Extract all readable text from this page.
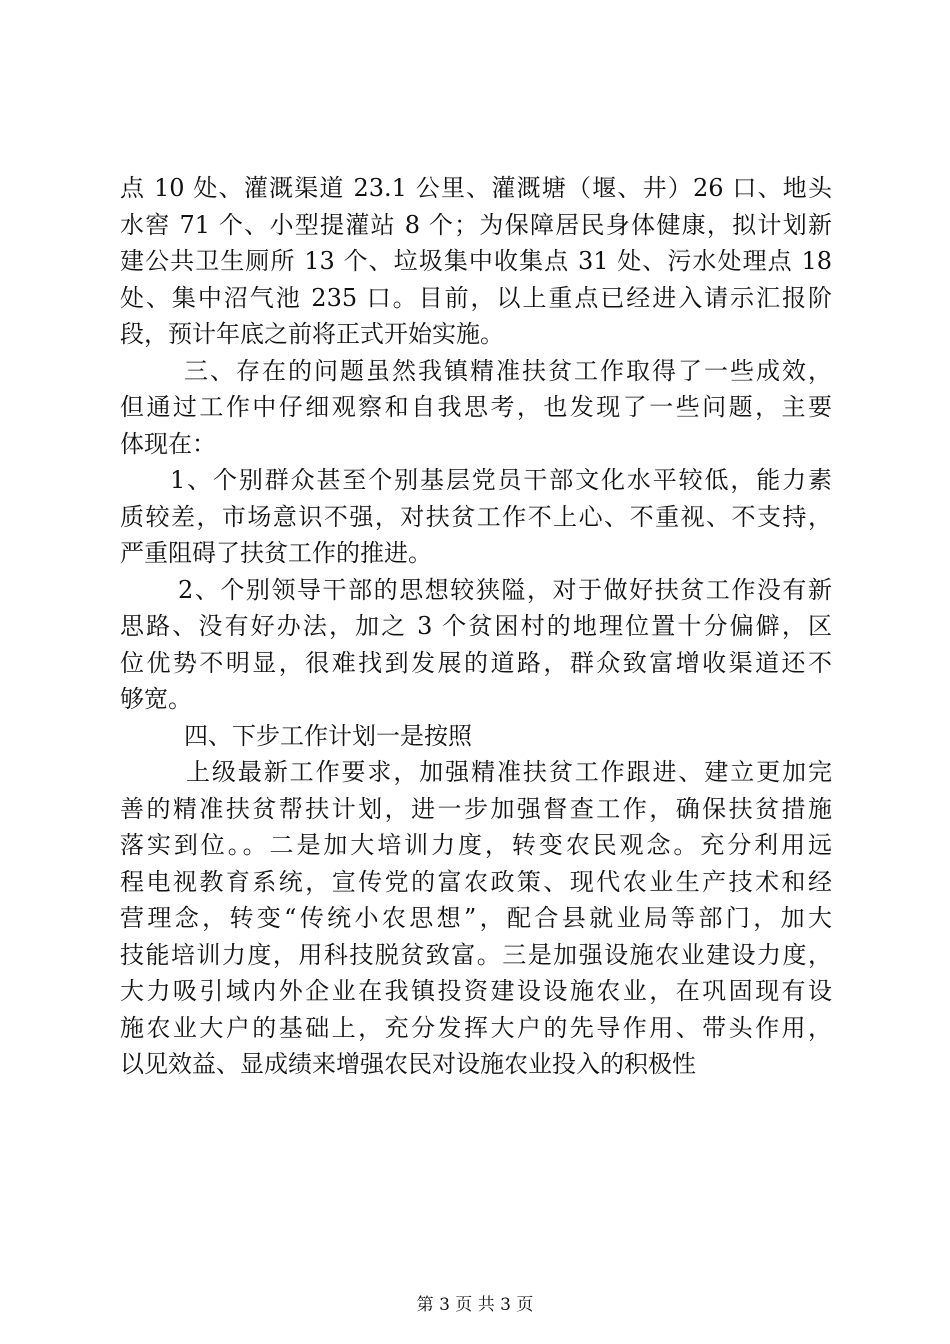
点 10 处、灌溉渠道 23.1 公里、灌溉塘（堰、井）26 口、地头
水窖 71 个、小型提灌站 8 个；为保障居民身体健康，拟计划新
建公共卫生厕所 13 个、垃圾集中收集点 31 处、污水处理点 18
处、集中沼气池 235 口。目前，以上重点已经进入请示汇报阶
段，预计年底之前将正式开始实施。
三、存在的问题虽然我镇精准扶贫工作取得了一些成效，
但通过工作中仔细观察和自我思考，也发现了一些问题，主要
体现在：
1、个别群众甚至个别基层党员干部文化水平较低，能力素
质较差，市场意识不强，对扶贫工作不上心、不重视、不支持，
严重阻碍了扶贫工作的推进。
2、个别领导干部的思想较狭隘，对于做好扶贫工作没有新
思路、没有好办法，加之 3 个贫困村的地理位置十分偏僻，区
位优势不明显，很难找到发展的道路，群众致富增收渠道还不
够宽。
四、下步工作计划一是按照
上级最新工作要求，加强精准扶贫工作跟进、建立更加完
善的精准扶贫帮扶计划，进一步加强督查工作，确保扶贫措施
落实到位。。二是加大培训力度，转变农民观念。充分利用远
程电视教育系统，宣传党的富农政策、现代农业生产技术和经
营理念，转变“传统小农思想”，配合县就业局等部门，加大
技能培训力度，用科技脱贫致富。三是加强设施农业建设力度，
大力吸引域内外企业在我镇投资建设设施农业，在巩固现有设
施农业大户的基础上，充分发挥大户的先导作用、带头作用，
以见效益、显成绩来增强农民对设施农业投入的积极性
第 3 页 共 3 页
